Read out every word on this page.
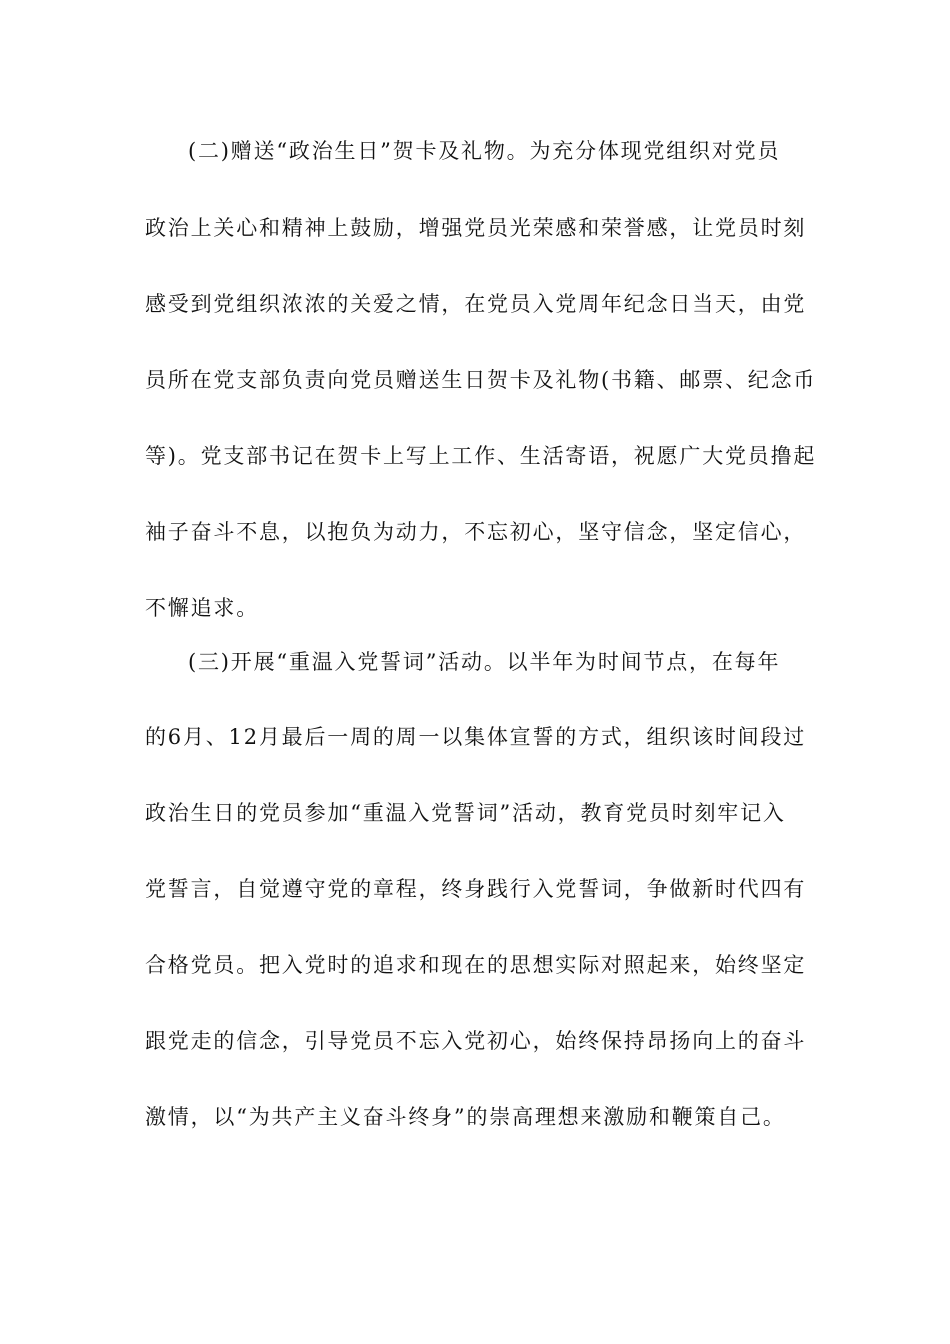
(二)赠送“政治生日”贺卡及礼物。为充分体现党组织对党员
政治上关心和精神上鼓励，增强党员光荣感和荣誉感，让党员时刻
感受到党组织浓浓的关爱之情，在党员入党周年纪念日当天，由党
员所在党支部负责向党员赠送生日贺卡及礼物(书籍、邮票、纪念币
等)。党支部书记在贺卡上写上工作、生活寄语，祝愿广大党员撸起
袖子奋斗不息，以抱负为动力，不忘初心，坚守信念，坚定信心，
不懈追求。
(三)开展“重温入党誓词”活动。以半年为时间节点，在每年
的6月、12月最后一周的周一以集体宣誓的方式，组织该时间段过
政治生日的党员参加“重温入党誓词”活动，教育党员时刻牢记入
党誓言，自觉遵守党的章程，终身践行入党誓词，争做新时代四有
合格党员。把入党时的追求和现在的思想实际对照起来，始终坚定
跟党走的信念，引导党员不忘入党初心，始终保持昂扬向上的奋斗
激情，以“为共产主义奋斗终身”的崇高理想来激励和鞭策自己。
